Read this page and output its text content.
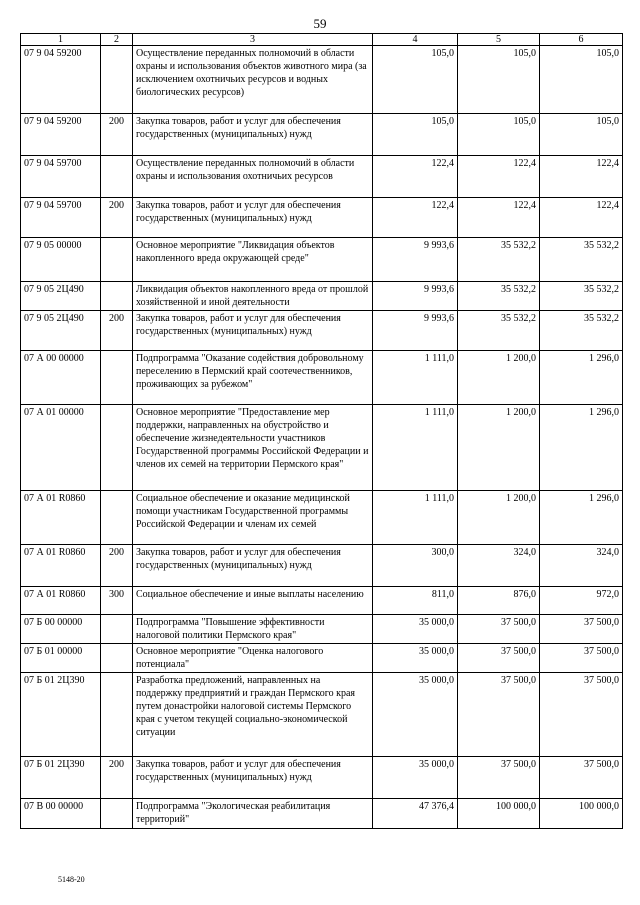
59
1	2	3	4	5	6
07 9 04 59200		Осуществление переданных полномочий в области охраны и использования объектов животного мира (за исключением охотничьих ресурсов и водных биологических ресурсов)	105,0	105,0	105,0
07 9 04 59200	200	Закупка товаров, работ и услуг для обеспечения государственных (муниципальных) нужд	105,0	105,0	105,0
07 9 04 59700		Осуществление переданных полномочий в области охраны и использования охотничьих ресурсов	122,4	122,4	122,4
07 9 04 59700	200	Закупка товаров, работ и услуг для обеспечения государственных (муниципальных) нужд	122,4	122,4	122,4
07 9 05 00000		Основное мероприятие "Ликвидация объектов накопленного вреда окружающей среде"	9 993,6	35 532,2	35 532,2
07 9 05 2Ц490		Ликвидация объектов накопленного вреда от прошлой хозяйственной и иной деятельности	9 993,6	35 532,2	35 532,2
07 9 05 2Ц490	200	Закупка товаров, работ и услуг для обеспечения государственных (муниципальных) нужд	9 993,6	35 532,2	35 532,2
07 А 00 00000		Подпрограмма "Оказание содействия добровольному переселению в Пермский край соотечественников, проживающих за рубежом"	1 111,0	1 200,0	1 296,0
07 А 01 00000		Основное мероприятие "Предоставление мер поддержки, направленных на обустройство и обеспечение жизнедеятельности участников Государственной программы Российской Федерации и членов их семей на территории Пермского края"	1 111,0	1 200,0	1 296,0
07 А 01 R0860		Социальное обеспечение и оказание медицинской помощи участникам Государственной программы Российской Федерации и членам их семей	1 111,0	1 200,0	1 296,0
07 А 01 R0860	200	Закупка товаров, работ и услуг для обеспечения государственных (муниципальных) нужд	300,0	324,0	324,0
07 А 01 R0860	300	Социальное обеспечение и иные выплаты населению	811,0	876,0	972,0
07 Б 00 00000		Подпрограмма "Повышение эффективности налоговой политики Пермского края"	35 000,0	37 500,0	37 500,0
07 Б 01 00000		Основное мероприятие "Оценка налогового потенциала"	35 000,0	37 500,0	37 500,0
07 Б 01 2Ц390		Разработка предложений, направленных на поддержку предприятий и граждан Пермского края путем донастройки налоговой системы Пермского края с учетом текущей социально-экономической ситуации	35 000,0	37 500,0	37 500,0
07 Б 01 2Ц390	200	Закупка товаров, работ и услуг для обеспечения государственных (муниципальных) нужд	35 000,0	37 500,0	37 500,0
07 В 00 00000		Подпрограмма "Экологическая реабилитация территорий"	47 376,4	100 000,0	100 000,0
5148-20
